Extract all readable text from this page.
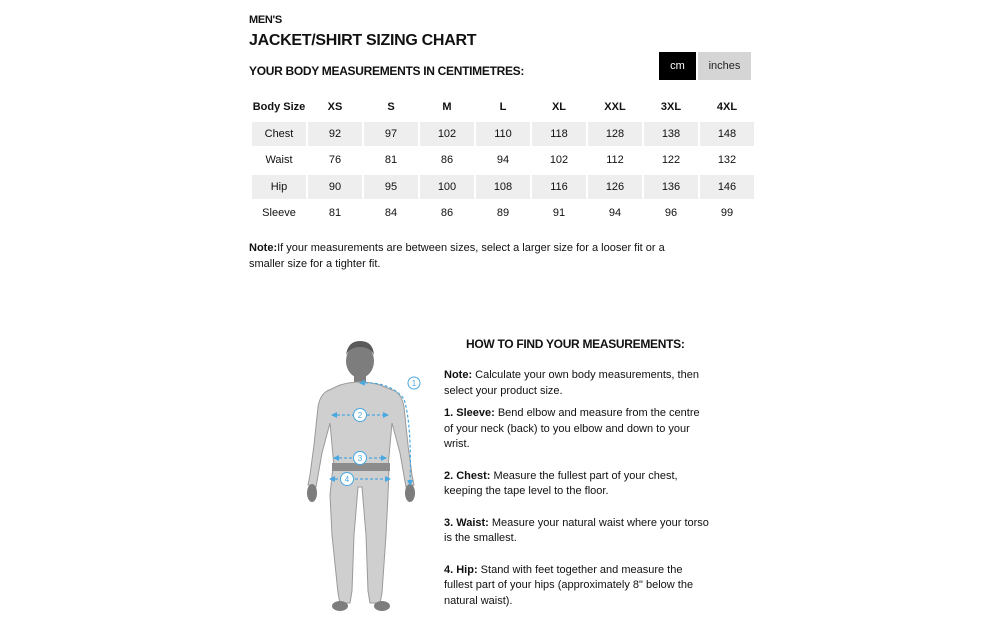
MEN'S
JACKET/SHIRT SIZING CHART
YOUR BODY MEASUREMENTS IN CENTIMETRES:	cm	inches
Body Size	XS	S	M	L	XL	XXL	3XL	4XL
Chest	92	97	102	110	118	128	138	148
Waist	76	81	86	94	102	112	122	132
Hip	90	95	100	108	116	126	136	146
Sleeve	81	84	86	89	91	94	96	99
Note:If your measurements are between sizes, select a larger size for a looser fit or a smaller size for a tighter fit.
1
2
3
4
HOW TO FIND YOUR MEASUREMENTS:

Note: Calculate your own body measurements, then select your product size.

1. Sleeve: Bend elbow and measure from the centre of your neck (back) to you elbow and down to your wrist.

2. Chest: Measure the fullest part of your chest, keeping the tape level to the floor.

3. Waist: Measure your natural waist where your torso is the smallest.

4. Hip: Stand with feet together and measure the fullest part of your hips (approximately 8" below the natural waist).
